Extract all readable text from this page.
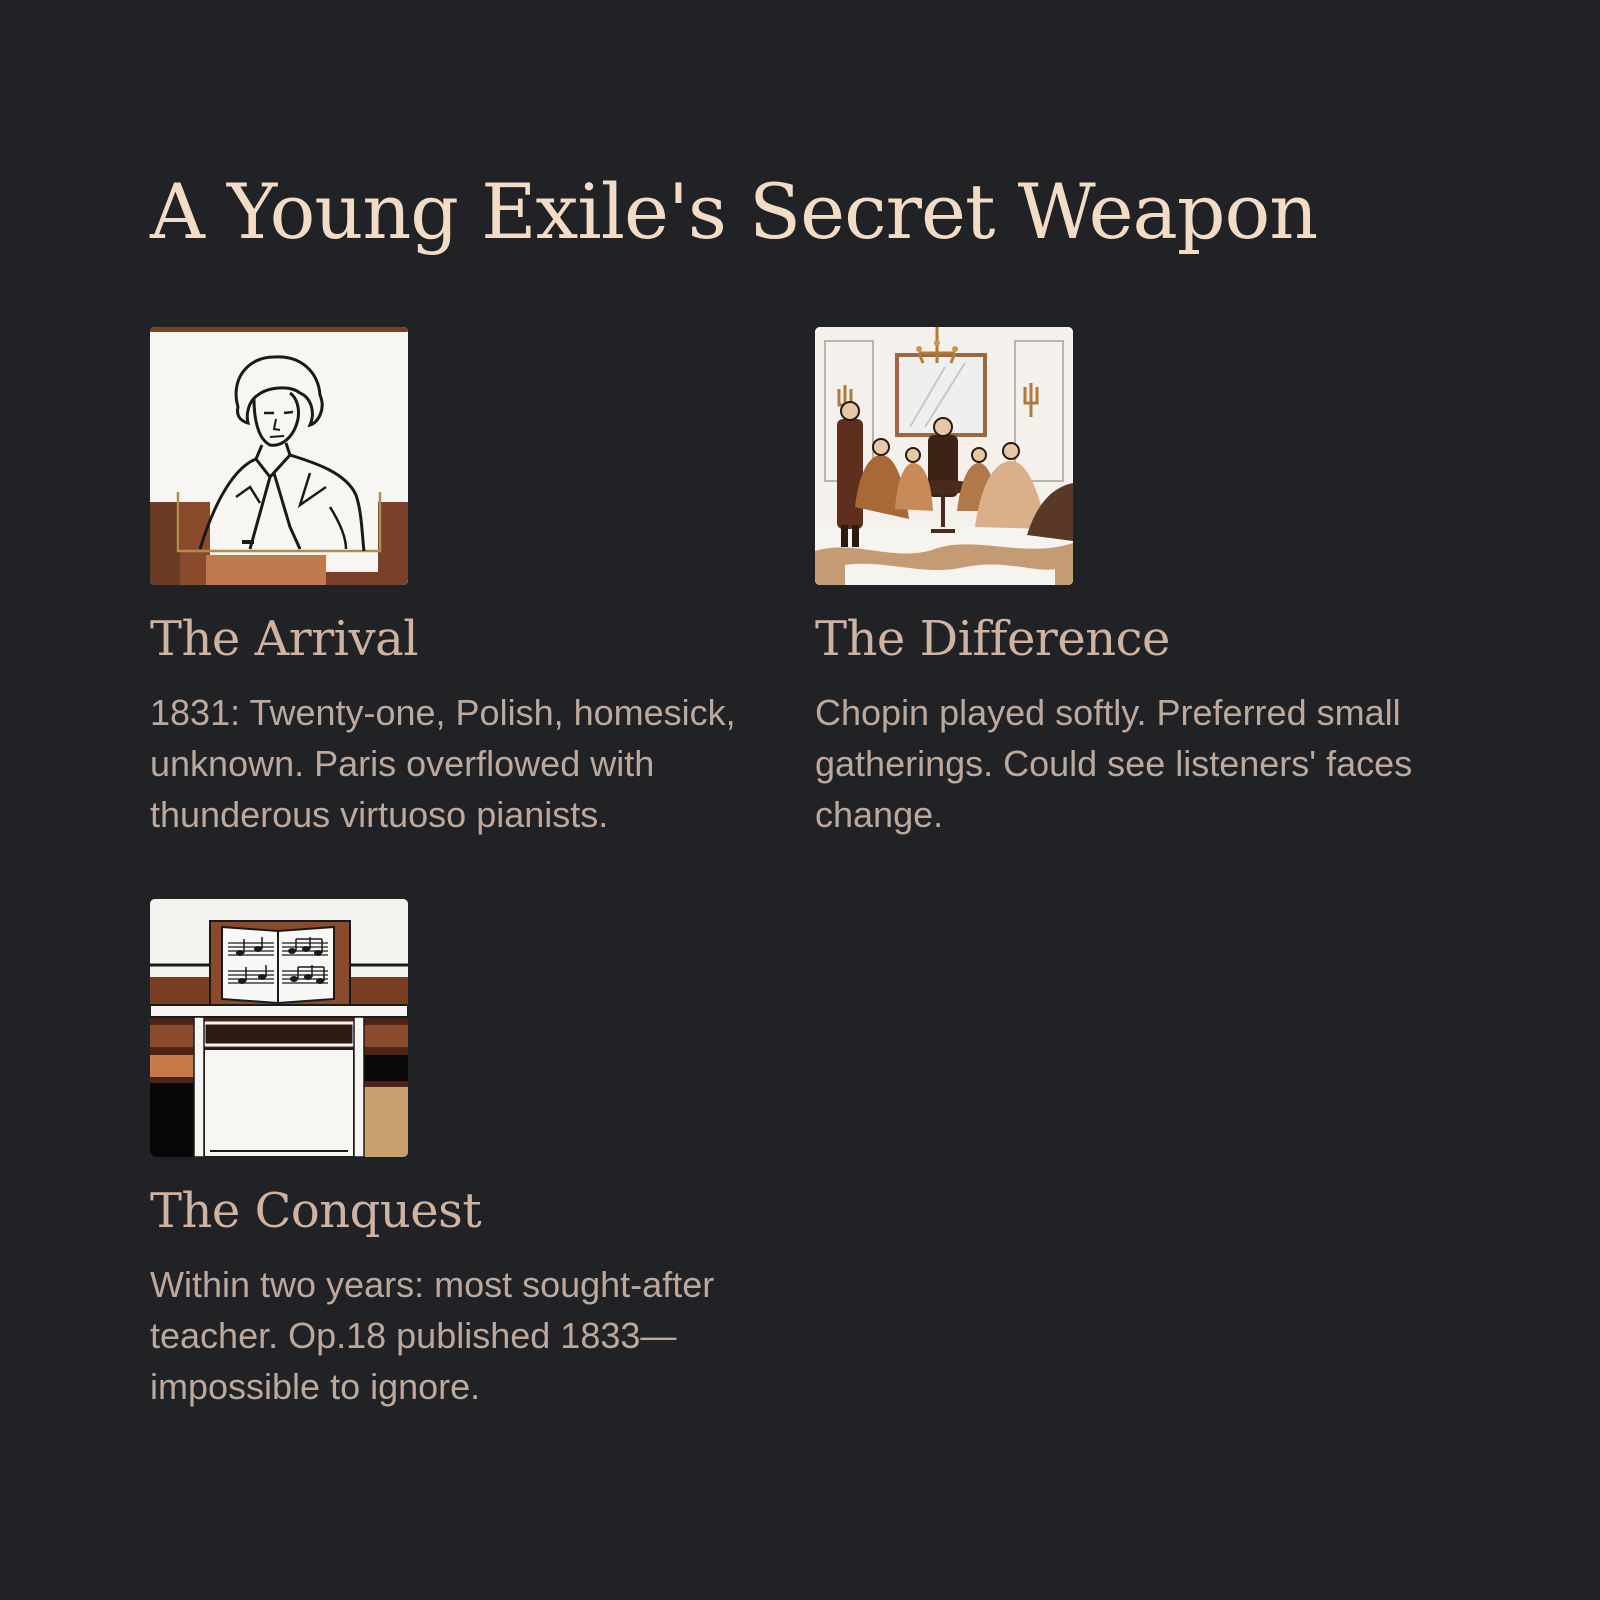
A Young Exile's Secret Weapon
The Arrival

1831: Twenty-one, Polish, homesick, unknown. Paris overflowed with thunderous virtuoso pianists.

The Difference

Chopin played softly. Preferred small gatherings. Could see listeners' faces change.

The Conquest

Within two years: most sought-after teacher. Op.18 published 1833—impossible to ignore.
